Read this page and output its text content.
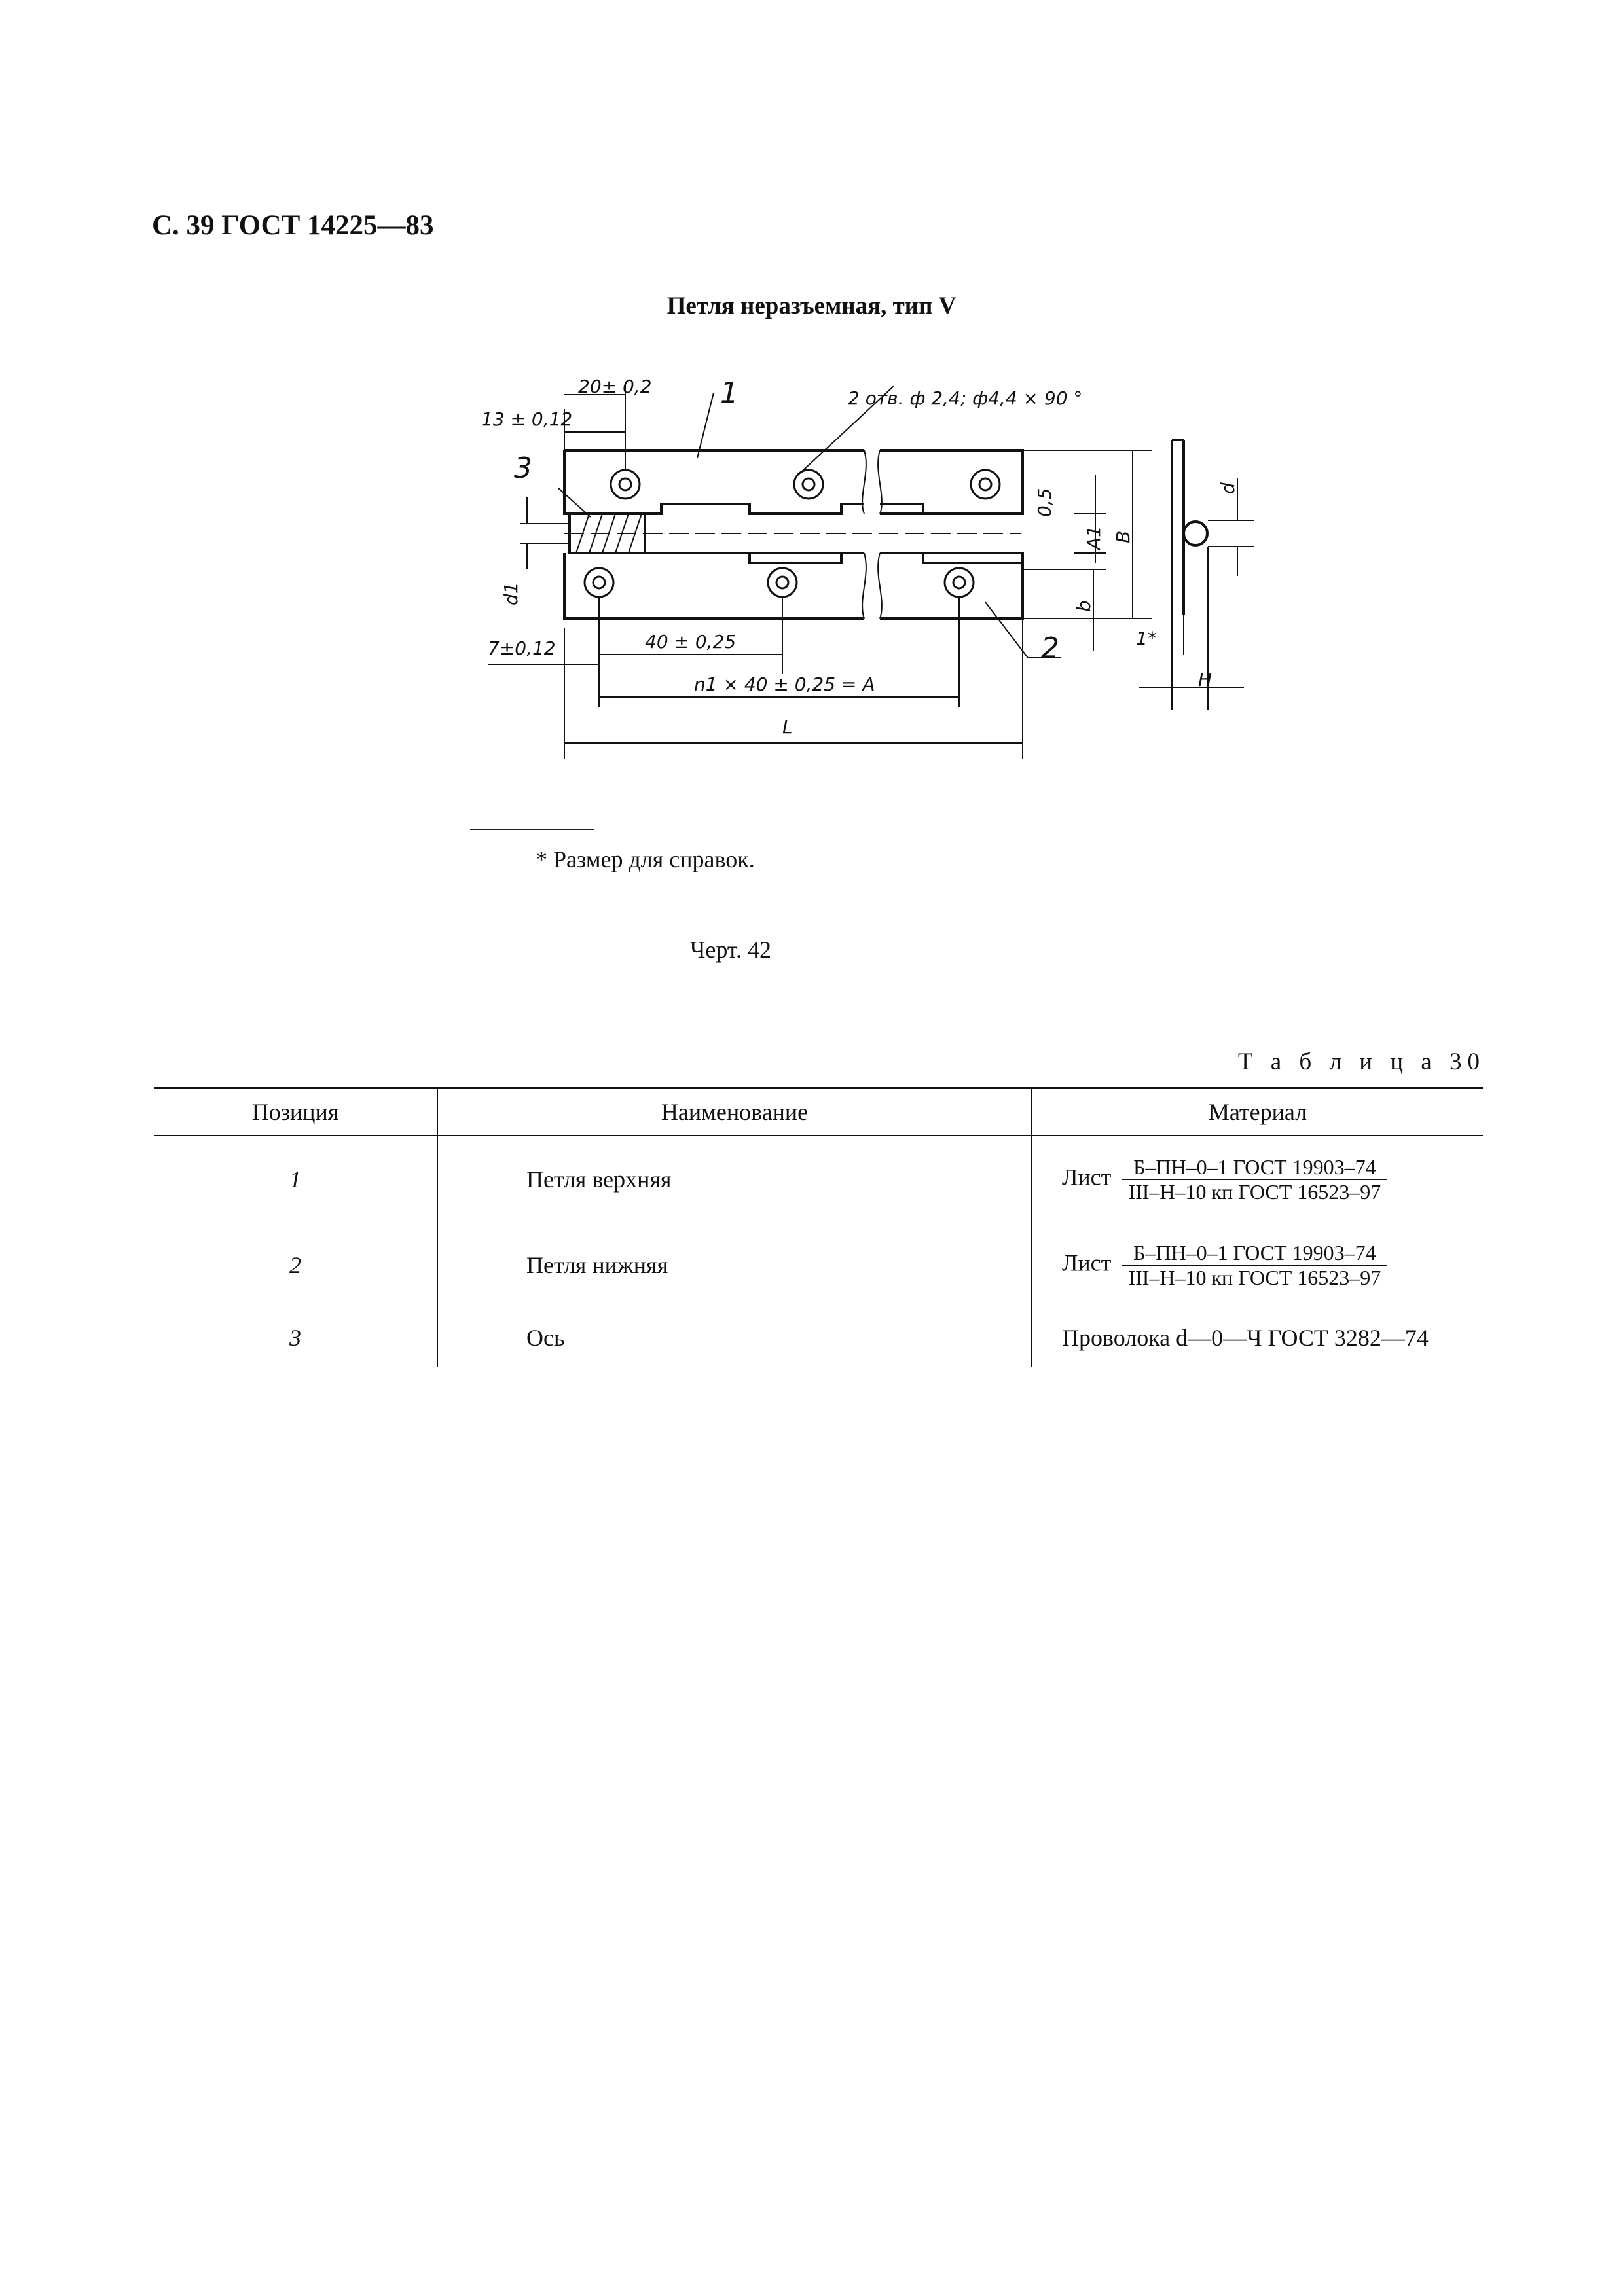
С. 39 ГОСТ 14225—83
Петля неразъемная, тип V
20± 0,2
13 ± 0,12
7±0,12	40 ± 0,25
n1 × 40 ± 0,25 = A
L
2 отв. ф 2,4; ф4,4 × 90 °
1
2
3
0,5
A1 B
b
d
d1
1*
H
* Размер для справок.
Черт. 42
Т а б л и ц а 30
Позиция	Наименование	Материал
1	Петля верхняя	Лист $\frac{\text{Б–ПН–0–1 ГОСТ 19903–74}}{\text{III–Н–10 кп ГОСТ 16523–97}}$

2	Петля нижняя	Лист $\frac{\text{Б–ПН–0–1 ГОСТ 19903–74}}{\text{III–Н–10 кп ГОСТ 16523–97}}$

3	Ось	Проволока d—0—Ч ГОСТ 3282—74
